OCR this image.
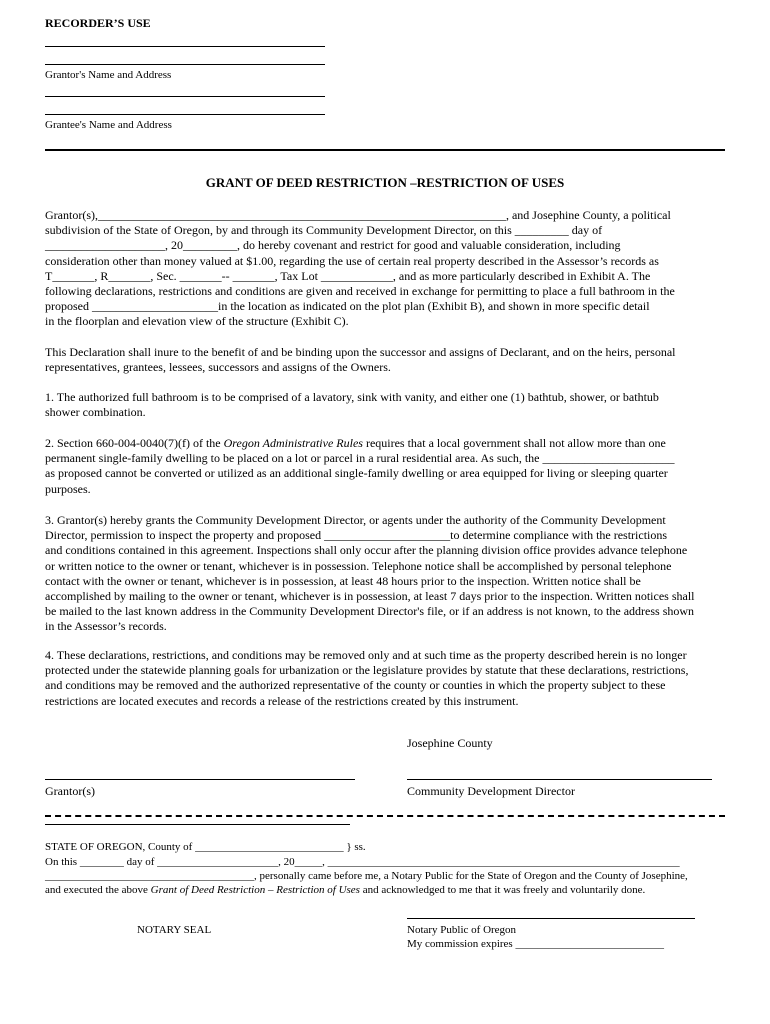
RECORDER’S USE
Grantor's Name and Address
Grantee's Name and Address
GRANT OF DEED RESTRICTION –RESTRICTION OF USES
Grantor(s),____________________________________________________________________, and Josephine County, a political
subdivision of the State of Oregon, by and through its Community Development Director, on this _________ day of
____________________, 20_________, do hereby covenant and restrict for good and valuable consideration, including
consideration other than money valued at $1.00, regarding the use of certain real property described in the Assessor’s records as
T_______, R_______, Sec. _______-- _______, Tax Lot ____________, and as more particularly described in Exhibit A. The
following declarations, restrictions and conditions are given and received in exchange for permitting to place a full bathroom in the
proposed _____________________in the location as indicated on the plot plan (Exhibit B), and shown in more specific detail
in the floorplan and elevation view of the structure (Exhibit C).
This Declaration shall inure to the benefit of and be binding upon the successor and assigns of Declarant, and on the heirs, personal
representatives, grantees, lessees, successors and assigns of the Owners.
1. The authorized full bathroom is to be comprised of a lavatory, sink with vanity, and either one (1) bathtub, shower, or bathtub
shower combination.
2. Section 660-004-0040(7)(f) of the Oregon Administrative Rules requires that a local government shall not allow more than one
permanent single-family dwelling to be placed on a lot or parcel in a rural residential area. As such, the ______________________
as proposed cannot be converted or utilized as an additional single-family dwelling or area equipped for living or sleeping quarter
purposes.
3. Grantor(s) hereby grants the Community Development Director, or agents under the authority of the Community Development
Director, permission to inspect the property and proposed _____________________to determine compliance with the restrictions
and conditions contained in this agreement. Inspections shall only occur after the planning division office provides advance telephone
or written notice to the owner or tenant, whichever is in possession. Telephone notice shall be accomplished by personal telephone
contact with the owner or tenant, whichever is in possession, at least 48 hours prior to the inspection. Written notice shall be
accomplished by mailing to the owner or tenant, whichever is in possession, at least 7 days prior to the inspection. Written notices shall
be mailed to the last known address in the Community Development Director's file, or if an address is not known, to the address shown
in the Assessor’s records.
4. These declarations, restrictions, and conditions may be removed only and at such time as the property described herein is no longer
protected under the statewide planning goals for urbanization or the legislature provides by statute that these declarations, restrictions,
and conditions may be removed and the authorized representative of the county or counties in which the property subject to these
restrictions are located executes and records a release of the restrictions created by this instrument.
Josephine County
Grantor(s)	Community Development Director
STATE OF OREGON, County of ___________________________ } ss.
On this ________ day of ______________________, 20_____, ________________________________________________________________
______________________________________, personally came before me, a Notary Public for the State of Oregon and the County of Josephine,
and executed the above Grant of Deed Restriction – Restriction of Uses and acknowledged to me that it was freely and voluntarily done.
NOTARY SEAL	Notary Public of Oregon
My commission expires ___________________________
